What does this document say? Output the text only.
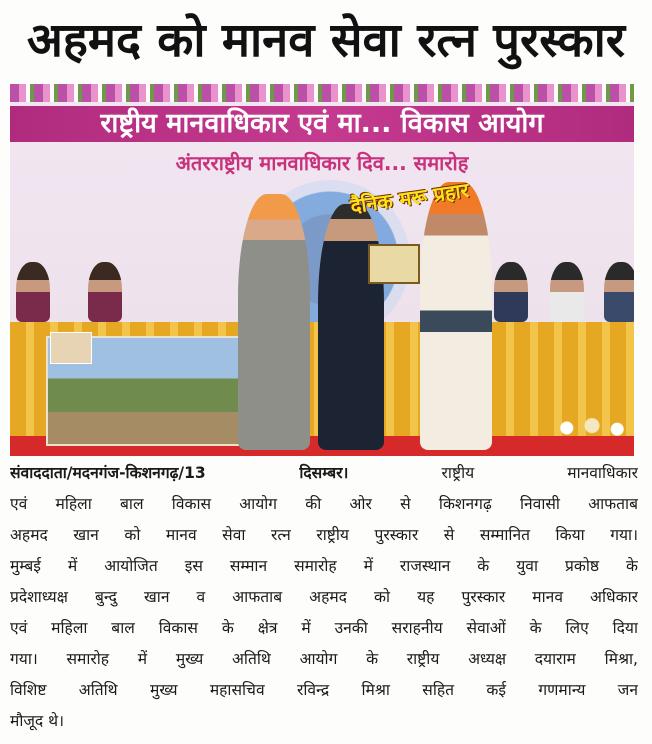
अहमद को मानव सेवा रत्न पुरस्कार
राष्ट्रीय मानवाधिकार एवं मा... विकास आयोग
अंतरराष्ट्रीय मानवाधिकार दिव... समारोह
दैनिक मरू प्रहार
संवाददाता/मदनगंज-किशनगढ़/13 दिसम्बर। राष्ट्रीय मानवाधिकार
एवं महिला बाल विकास आयोग की ओर से किशनगढ़ निवासी आफताब
अहमद खान को मानव सेवा रत्न राष्ट्रीय पुरस्कार से सम्मानित किया गया।
मुम्बई में आयोजित इस सम्मान समारोह में राजस्थान के युवा प्रकोष्ठ के
प्रदेशाध्यक्ष बुन्दु खान व आफताब अहमद को यह पुरस्कार मानव अधिकार
एवं महिला बाल विकास के क्षेत्र में उनकी सराहनीय सेवाओं के लिए दिया
गया। समारोह में मुख्य अतिथि आयोग के राष्ट्रीय अध्यक्ष दयाराम मिश्रा,
विशिष्ट अतिथि मुख्य महासचिव रविन्द्र मिश्रा सहित कई गणमान्य जन
मौजूद थे।
